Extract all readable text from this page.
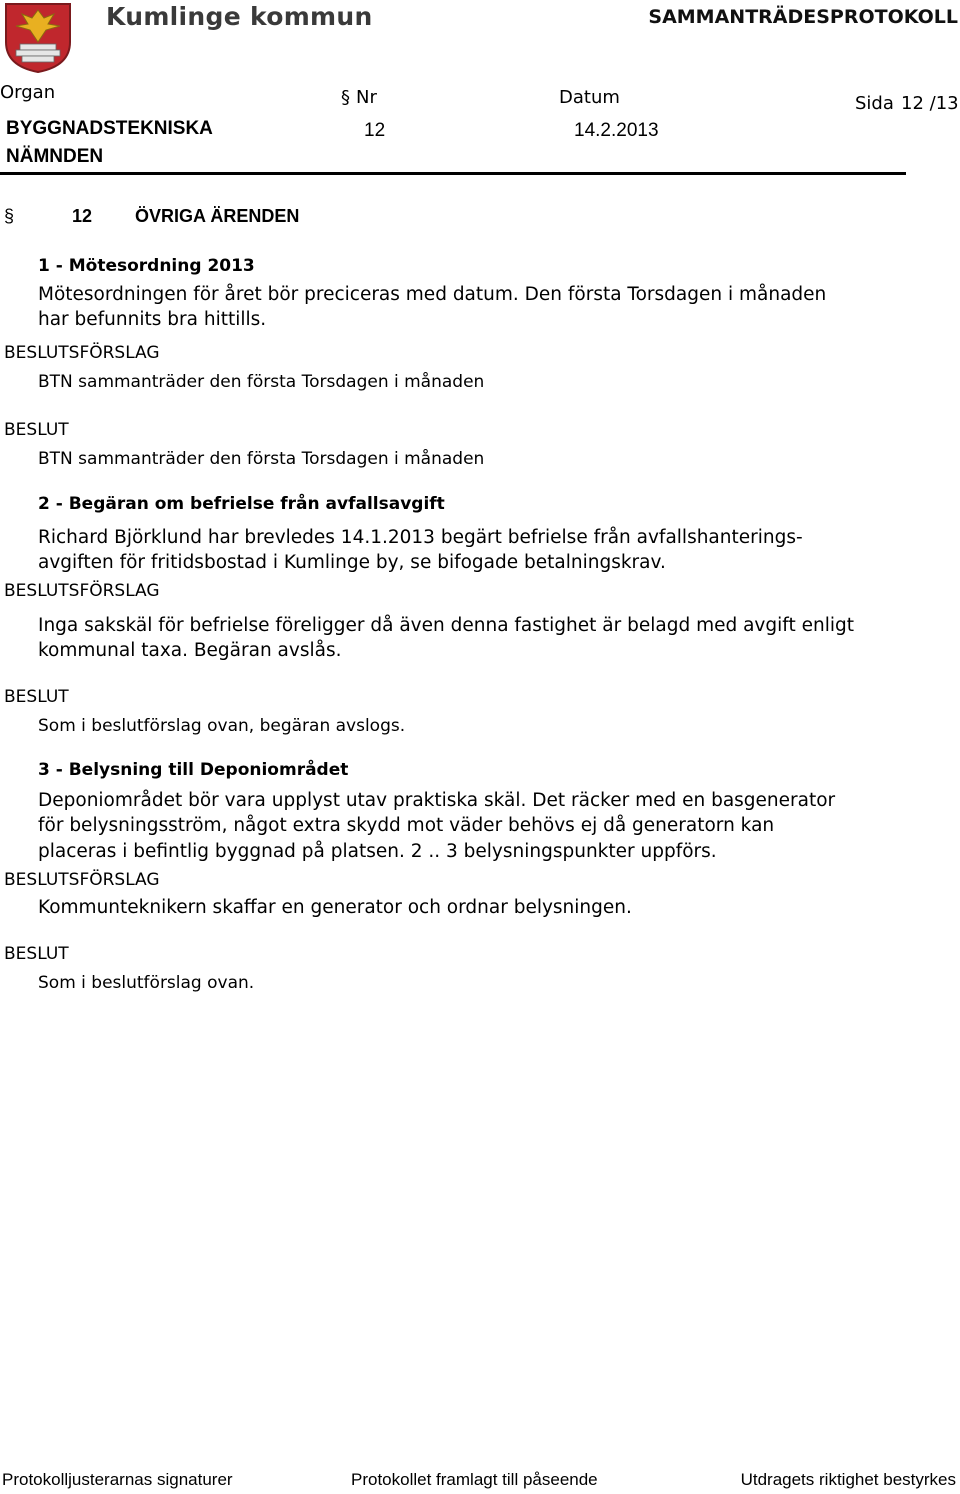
Kumlinge kommun	SAMMANTRÄDESPROTOKOLL
Organ
BYGGNADSTEKNISKA
NÄMNDEN
§ Nr
12
Datum
14.2.2013
Sida 12 /13
§	12 ÖVRIGA ÄRENDEN
1 - Mötesordning 2013
Mötesordningen för året bör preciceras med datum. Den första Torsdagen i månaden
har befunnits bra hittills.
BESLUTSFÖRSLAG
BTN sammanträder den första Torsdagen i månaden
BESLUT
BTN sammanträder den första Torsdagen i månaden
2 - Begäran om befrielse från avfallsavgift
Richard Björklund har brevledes 14.1.2013 begärt befrielse från avfallshanterings-
avgiften för fritidsbostad i Kumlinge by, se bifogade betalningskrav.
BESLUTSFÖRSLAG
Inga sakskäl för befrielse föreligger då även denna fastighet är belagd med avgift enligt
kommunal taxa. Begäran avslås.
BESLUT
Som i beslutförslag ovan, begäran avslogs.
3 - Belysning till Deponiområdet
Deponiområdet bör vara upplyst utav praktiska skäl. Det räcker med en basgenerator
för belysningsström, något extra skydd mot väder behövs ej då generatorn kan
placeras i befintlig byggnad på platsen. 2 .. 3 belysningspunkter uppförs.
BESLUTSFÖRSLAG
Kommunteknikern skaffar en generator och ordnar belysningen.
BESLUT
Som i beslutförslag ovan.
Protokolljusterarnas signaturer	Protokollet framlagt till påseende	Utdragets riktighet bestyrkes
